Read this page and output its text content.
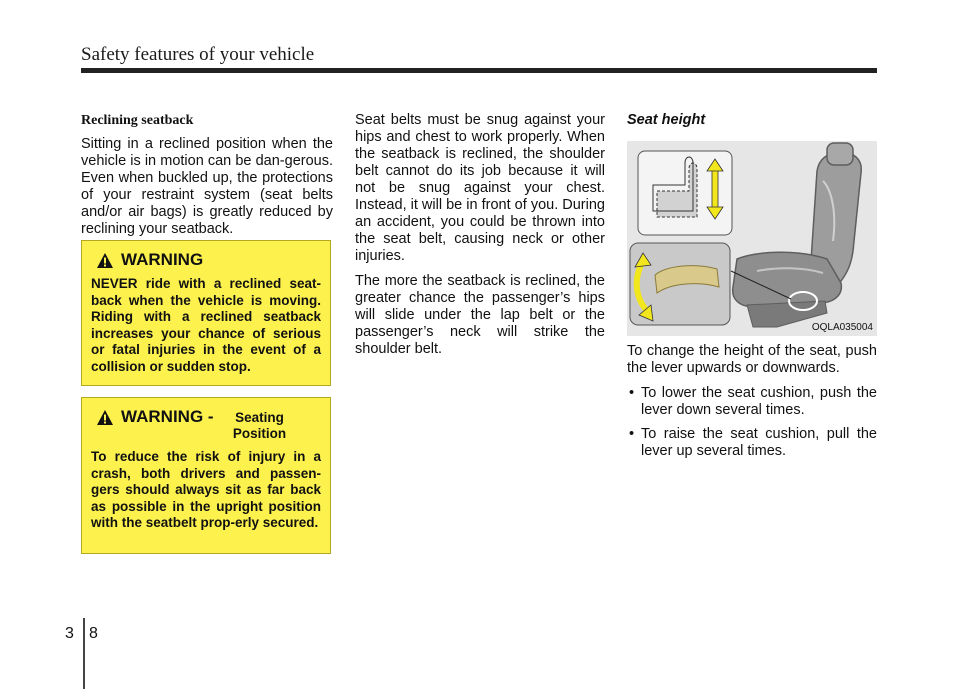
Safety features of your vehicle
Reclining seatback

Sitting in a reclined position when the vehicle is in motion can be dan-gerous. Even when buckled up, the protections of your restraint system (seat belts and/or air bags) is greatly reduced by reclining your seatback.

WARNING
NEVER ride with a reclined seat-back when the vehicle is moving. Riding with a reclined seatback increases your chance of serious or fatal injuries in the event of a collision or sudden stop.
WARNING -	Seating Position
To reduce the risk of injury in a crash, both drivers and passen-gers should always sit as far back as possible in the upright position with the seatbelt prop-erly secured.

Seat belts must be snug against your hips and chest to work properly. When the seatback is reclined, the shoulder belt cannot do its job because it will not be snug against your chest. Instead, it will be in front of you. During an accident, you could be thrown into the seat belt, causing neck or other injuries.

The more the seatback is reclined, the greater chance the passenger’s hips will slide under the lap belt or the passenger’s neck will strike the shoulder belt.

Seat height
OQLA035004

To change the height of the seat, push the lever upwards or downwards.

• To lower the seat cushion, push the lever down several times.
• To raise the seat cushion, pull the lever up several times.
3 8
